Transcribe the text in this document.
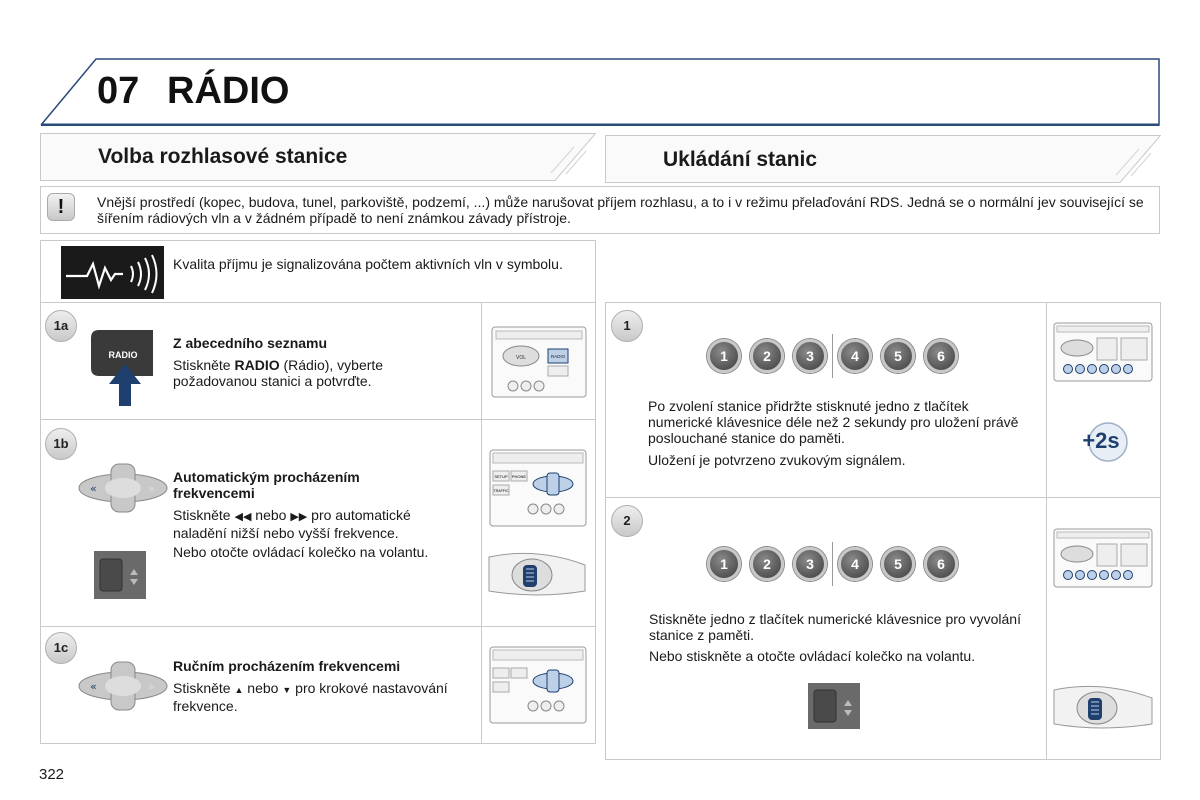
07 RÁDIO
Volba rozhlasové stanice	Ukládání stanic
!	Vnější prostředí (kopec, budova, tunel, parkoviště, podzemí, ...) může narušovat příjem rozhlasu, a to i v režimu přelaďování RDS. Jedná se o normální jev související se šířením rádiových vln a v žádném případě to není známkou závady přístroje.
Kvalita příjmu je signalizována počtem aktivních vln v symbolu.
1a
RADIO
Z abecedního seznamu
Stiskněte RADIO (Rádio), vyberte požadovanou stanici a potvrďte.
VOL	RADIO
1b
«	»
Automatickým procházením frekvencemi
Stiskněte ◀◀ nebo ▶▶ pro automatické naladění nižší nebo vyšší frekvence.
Nebo otočte ovládací kolečko na volantu.
SETUP PHONE
TRAFFIC
1c
«	»
Ručním procházením frekvencemi
Stiskněte ▲ nebo ▼ pro krokové nastavování frekvence.
1
1	2	3	4	5	6
Po zvolení stanice přidržte stisknuté jedno z tlačítek numerické klávesnice déle než 2 sekundy pro uložení právě poslouchané stanice do paměti.
Uložení je potvrzeno zvukovým signálem.
+2s
2
1	2	3	4	5	6
Stiskněte jedno z tlačítek numerické klávesnice pro vyvolání stanice z paměti.
Nebo stiskněte a otočte ovládací kolečko na volantu.
322
